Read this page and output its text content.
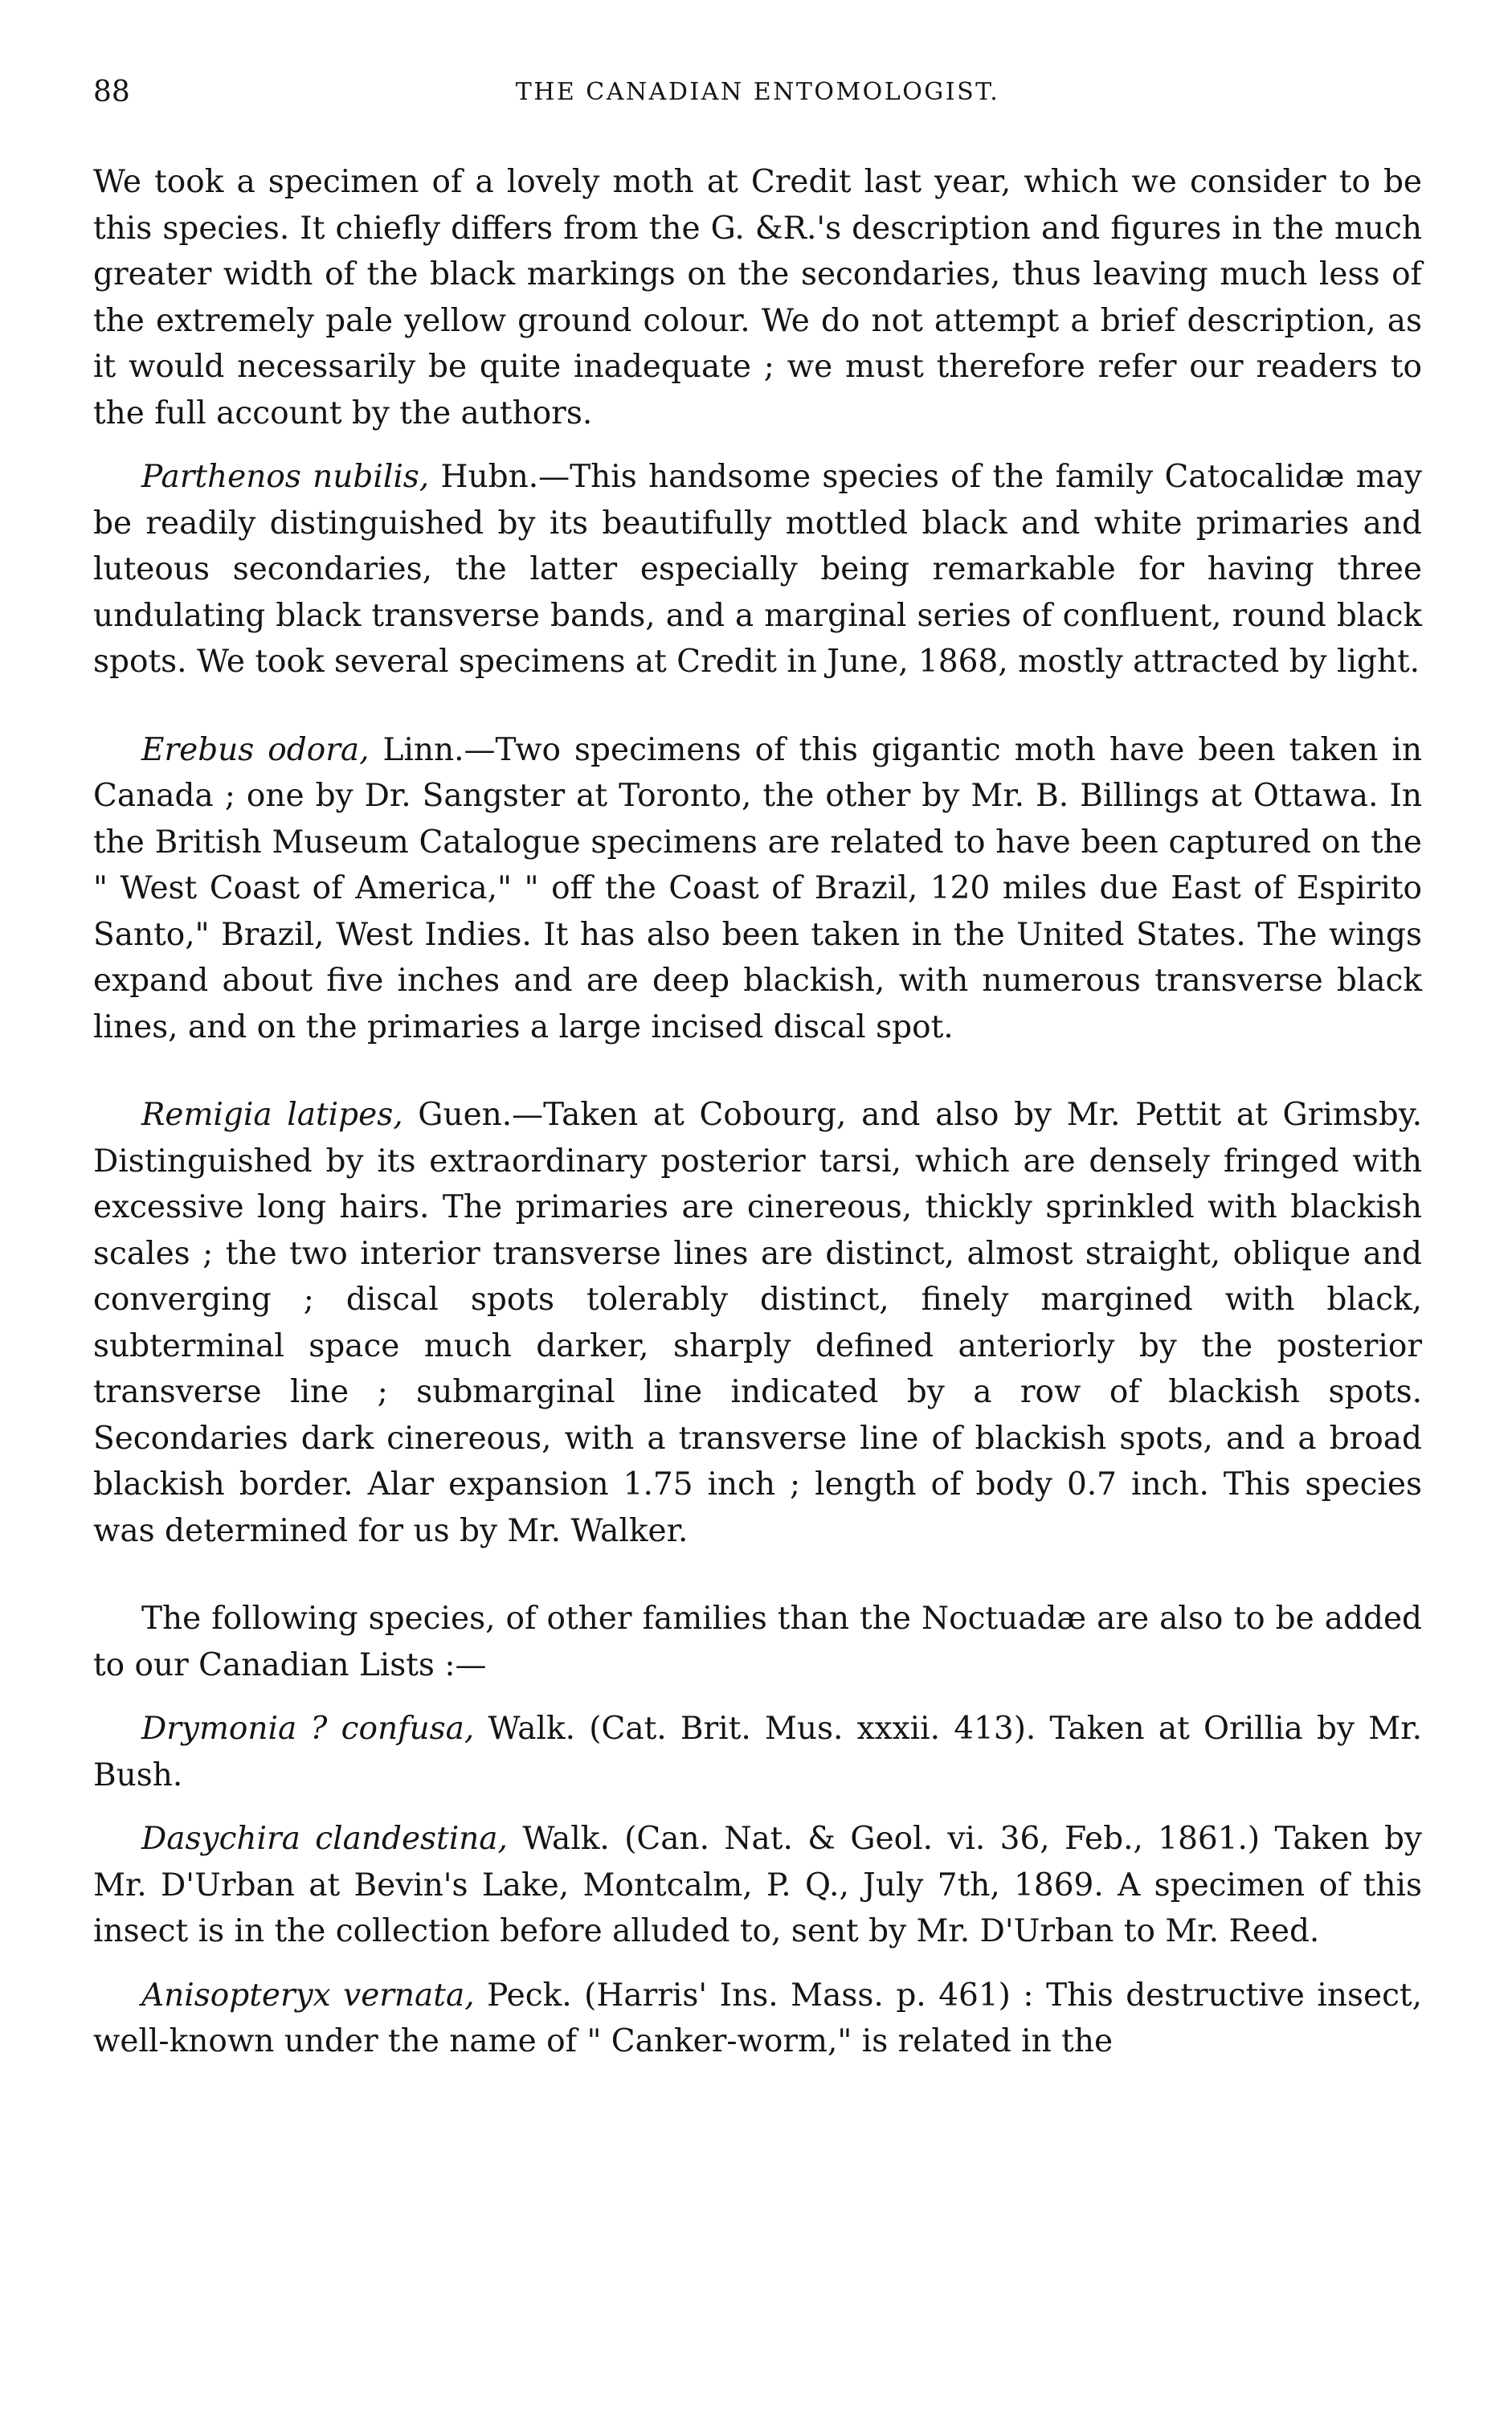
88	THE CANADIAN ENTOMOLOGIST.

We took a specimen of a lovely moth at Credit last year, which we consider to be this species. It chiefly differs from the G. &R.'s description and figures in the much greater width of the black markings on the secondaries, thus leaving much less of the extremely pale yellow ground colour. We do not attempt a brief description, as it would necessarily be quite inadequate ; we must therefore refer our readers to the full account by the authors.

Parthenos nubilis, Hubn.—This handsome species of the family Catocalidæ may be readily distinguished by its beautifully mottled black and white primaries and luteous secondaries, the latter especially being remarkable for having three undulating black transverse bands, and a marginal series of confluent, round black spots. We took several specimens at Credit in June, 1868, mostly attracted by light.

Erebus odora, Linn.—Two specimens of this gigantic moth have been taken in Canada ; one by Dr. Sangster at Toronto, the other by Mr. B. Billings at Ottawa. In the British Museum Catalogue specimens are related to have been captured on the " West Coast of America," " off the Coast of Brazil, 120 miles due East of Espirito Santo," Brazil, West Indies. It has also been taken in the United States. The wings expand about five inches and are deep blackish, with numerous transverse black lines, and on the primaries a large incised discal spot.

Remigia latipes, Guen.—Taken at Cobourg, and also by Mr. Pettit at Grimsby. Distinguished by its extraordinary posterior tarsi, which are densely fringed with excessive long hairs. The primaries are cinereous, thickly sprinkled with blackish scales ; the two interior transverse lines are distinct, almost straight, oblique and converging ; discal spots tolerably distinct, finely margined with black, subterminal space much darker, sharply defined anteriorly by the posterior transverse line ; submarginal line indicated by a row of blackish spots. Secondaries dark cinereous, with a transverse line of blackish spots, and a broad blackish border. Alar expansion 1.75 inch ; length of body 0.7 inch. This species was determined for us by Mr. Walker.

The following species, of other families than the Noctuadæ are also to be added to our Canadian Lists :—

Drymonia ? confusa, Walk. (Cat. Brit. Mus. xxxii. 413). Taken at Orillia by Mr. Bush.

Dasychira clandestina, Walk. (Can. Nat. & Geol. vi. 36, Feb., 1861.) Taken by Mr. D'Urban at Bevin's Lake, Montcalm, P. Q., July 7th, 1869. A specimen of this insect is in the collection before alluded to, sent by Mr. D'Urban to Mr. Reed.

Anisopteryx vernata, Peck. (Harris' Ins. Mass. p. 461) : This destructive insect, well-known under the name of " Canker-worm," is related in the
